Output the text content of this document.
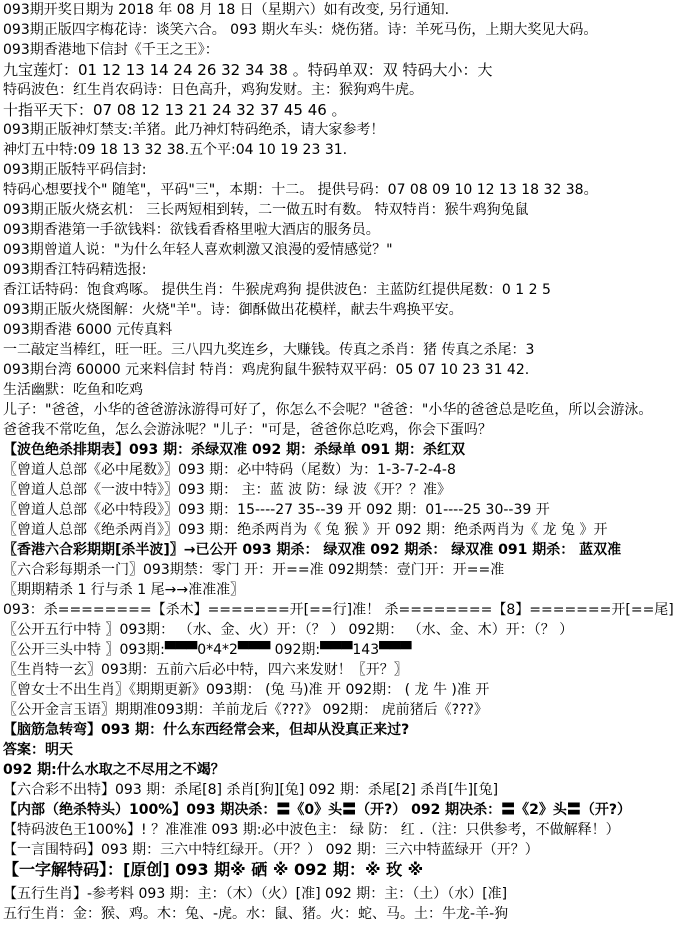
093期开奖日期为 2018 年 08 月 18 日（星期六）如有改变, 另行通知.
093期正版四字梅花诗：谈笑六合。 093 期火车头：烧伤猪。诗：羊死马伤，上期大奖见大码。
093期香港地下信封《千王之王》：
九宝莲灯：01 12 13 14 24 26 32 34 38 。特码单双：双 特码大小：大
特码波色：红生肖农码诗：日色高升，鸡狗发财。主：猴狗鸡牛虎。
十指平天下：07 08 12 13 21 24 32 37 45 46 。
093期正版神灯禁支:羊猪。此乃神灯特码绝杀，请大家参考！
神灯五中特:09 18 13 32 38.五个平:04 10 19 23 31.
093期正版特平码信封:
特码心想要找个" 随笔"，平码"三"，本期：十二。 提供号码：07 08 09 10 12 13 18 32 38。
093期正版火烧玄机： 三长两短相到转，二一做五时有数。 特双特肖：猴牛鸡狗兔鼠
093期香港第一手欲钱料：欲钱看香格里啦大酒店的服务员。
093期曾道人说："为什么年轻人喜欢刺激又浪漫的爱情感觉？"
093期香江特码精选报:
香江话特码：饱食鸡啄。 提供生肖：牛猴虎鸡狗 提供波色：主蓝防红提供尾数：0 1 2 5
093期正版火烧图解：火烧"羊"。诗：御酥做出花模样，献去牛鸡换平安。
093期香港 6000 元传真料
一二敲定当棒红，旺一旺。三八四九奖连乡，大赚钱。传真之杀肖：猪 传真之杀尾：3
093期台湾 60000 元来料信封 特肖：鸡虎狗鼠牛猴特双平码：05 07 10 23 31 42.
生活幽默：吃鱼和吃鸡
儿子："爸爸，小华的爸爸游泳游得可好了，你怎么不会呢？"爸爸："小华的爸爸总是吃鱼，所以会游泳。
爸爸我不常吃鱼，怎么会游泳呢？"儿子："可是，爸爸你总吃鸡，你会下蛋吗？
【波色绝杀排期表】093 期：杀绿双准 092 期：杀绿单 091 期：杀红双
〖曾道人总部《必中尾数》〗093 期：必中特码（尾数）为：1-3-7-2-4-8
〖曾道人总部《一波中特》〗093 期： 主：蓝 波 防：绿 波《开？？准》
〖曾道人总部《必中特段》〗093 期：15----27 35--39 开 092 期：01----25 30--39 开
〖曾道人总部《绝杀两肖》〗093 期：绝杀两肖为《 兔 猴 》开 092 期：绝杀两肖为《 龙 兔 》开
〖香港六合彩期期[杀半波]〗→已公开 093 期杀： 绿双准 092 期杀： 绿双准 091 期杀： 蓝双准
〖六合彩每期杀一门〗093期禁：零门 开：开==准 092期禁：壹门开：开==准
〖期期精杀 1 行与杀 1 尾→→准准准〗
093：杀========【杀木】=======开[==行]准！ 杀========【8】=======开[==尾]
〖公开五行中特 〗093期： （水、金、火）开：（？ ） 092期： （水、金、木）开：（？ ）
〖公开三头中特 〗093期:▀▀▀0*4*2▀▀▀ 092期:▀▀▀143▀▀▀
〖生肖特一玄〗093期：五前六后必中特，四六来发财！〖开？〗
〖曾女士不出生肖〗《期期更新》093期： (兔 马)准 开 092期： ( 龙 牛 )准 开
〖公开金言玉语〗期期准093期：羊前龙后《???》 092期： 虎前猪后《???》
【脑筋急转弯】093 期：什么东西经常会来，但却从没真正来过?
答案：明天
092 期:什么水取之不尽用之不竭？
【六合彩不出特】093 期：杀尾[8] 杀肖[狗][兔] 092 期：杀尾[2] 杀肖[牛][兔]
【内部（绝杀特头）100%】093 期决杀：〓《0》头〓（开?） 092 期决杀：〓《2》头〓（开?）
【特码波色王100%】! ？准准准 093 期:必中波色主： 绿 防： 红 .（注：只供参考，不做解释！）
【一言围特码】093 期：三六中特红绿开。（开？） 092 期：三六中特蓝绿开（开？）
【一字解特码】：[原创] 093 期※ 硒 ※ 092 期：※ 玫 ※
【五行生肖】-参考料 093 期：主：（木）（火）[准] 092 期：主：（土）（水）[准]
五行生肖：金：猴、鸡。木：兔、-虎。水：鼠、猪。火：蛇、马。土：牛龙-羊-狗
